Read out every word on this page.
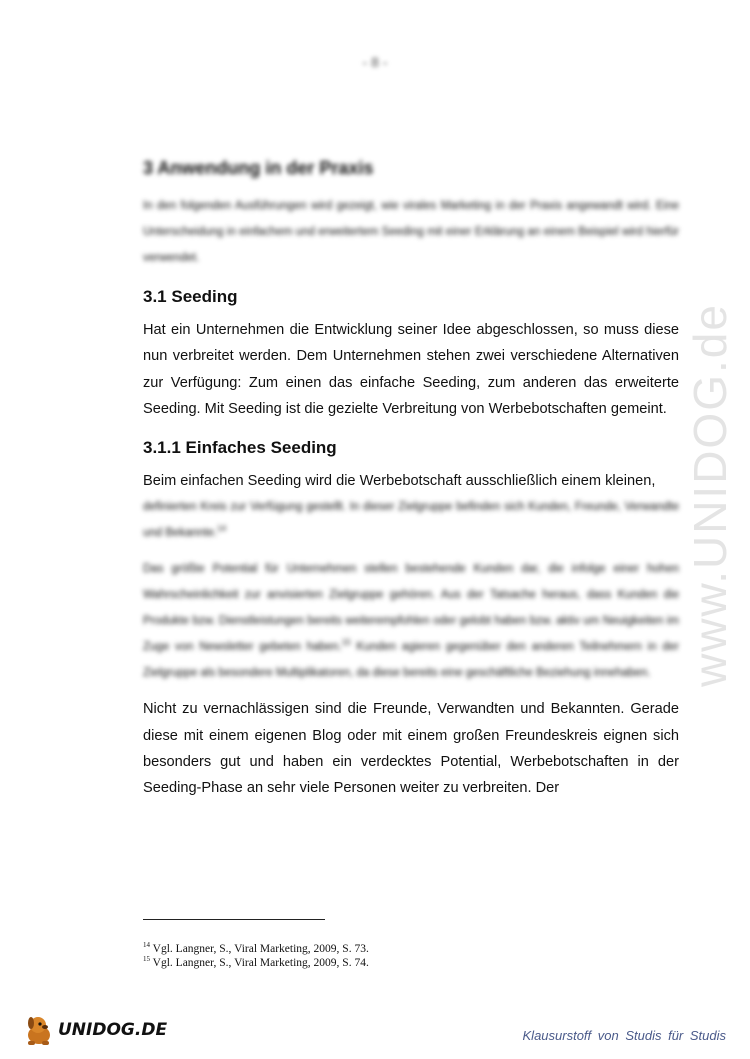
- 8 -
www.UNIDOG.de
3 Anwendung in der Praxis

In den folgenden Ausführungen wird gezeigt, wie virales Marketing in der Praxis angewandt wird. Eine Unterscheidung in einfachem und erweitertem Seeding mit einer Erklärung an einem Beispiel wird hierfür verwendet.

3.1 Seeding

Hat ein Unternehmen die Entwicklung seiner Idee abgeschlossen, so muss diese nun verbreitet werden. Dem Unternehmen stehen zwei verschiedene Alternativen zur Verfügung: Zum einen das einfache Seeding, zum anderen das erweiterte Seeding. Mit Seeding ist die gezielte Verbreitung von Werbebotschaften gemeint.

3.1.1 Einfaches Seeding

Beim einfachen Seeding wird die Werbebotschaft ausschließlich einem kleinen,

definierten Kreis zur Verfügung gestellt. In dieser Zielgruppe befinden sich Kunden, Freunde, Verwandte und Bekannte.$^{14}$

Das größte Potential für Unternehmen stellen bestehende Kunden dar, die infolge einer hohen Wahrscheinlichkeit zur anvisierten Zielgruppe gehören. Aus der Tatsache heraus, dass Kunden die Produkte bzw. Dienstleistungen bereits weiterempfohlen oder gelobt haben bzw. aktiv um Neuigkeiten im Zuge von Newsletter gebeten haben.$^{15}$ Kunden agieren gegenüber den anderen Teilnehmern in der Zielgruppe als besondere Multiplikatoren, da diese bereits eine geschäftliche Beziehung innehaben.

Nicht zu vernachlässigen sind die Freunde, Verwandten und Bekannten. Gerade diese mit einem eigenen Blog oder mit einem großen Freundeskreis eignen sich besonders gut und haben ein verdecktes Potential, Werbebotschaften in der Seeding-Phase an sehr viele Personen weiter zu verbreiten. Der

$^{14}$ Vgl. Langner, S., Viral Marketing, 2009, S. 73.
$^{15}$ Vgl. Langner, S., Viral Marketing, 2009, S. 74.
UNIDOG.DE	Klausurstoff von Studis für Studis
